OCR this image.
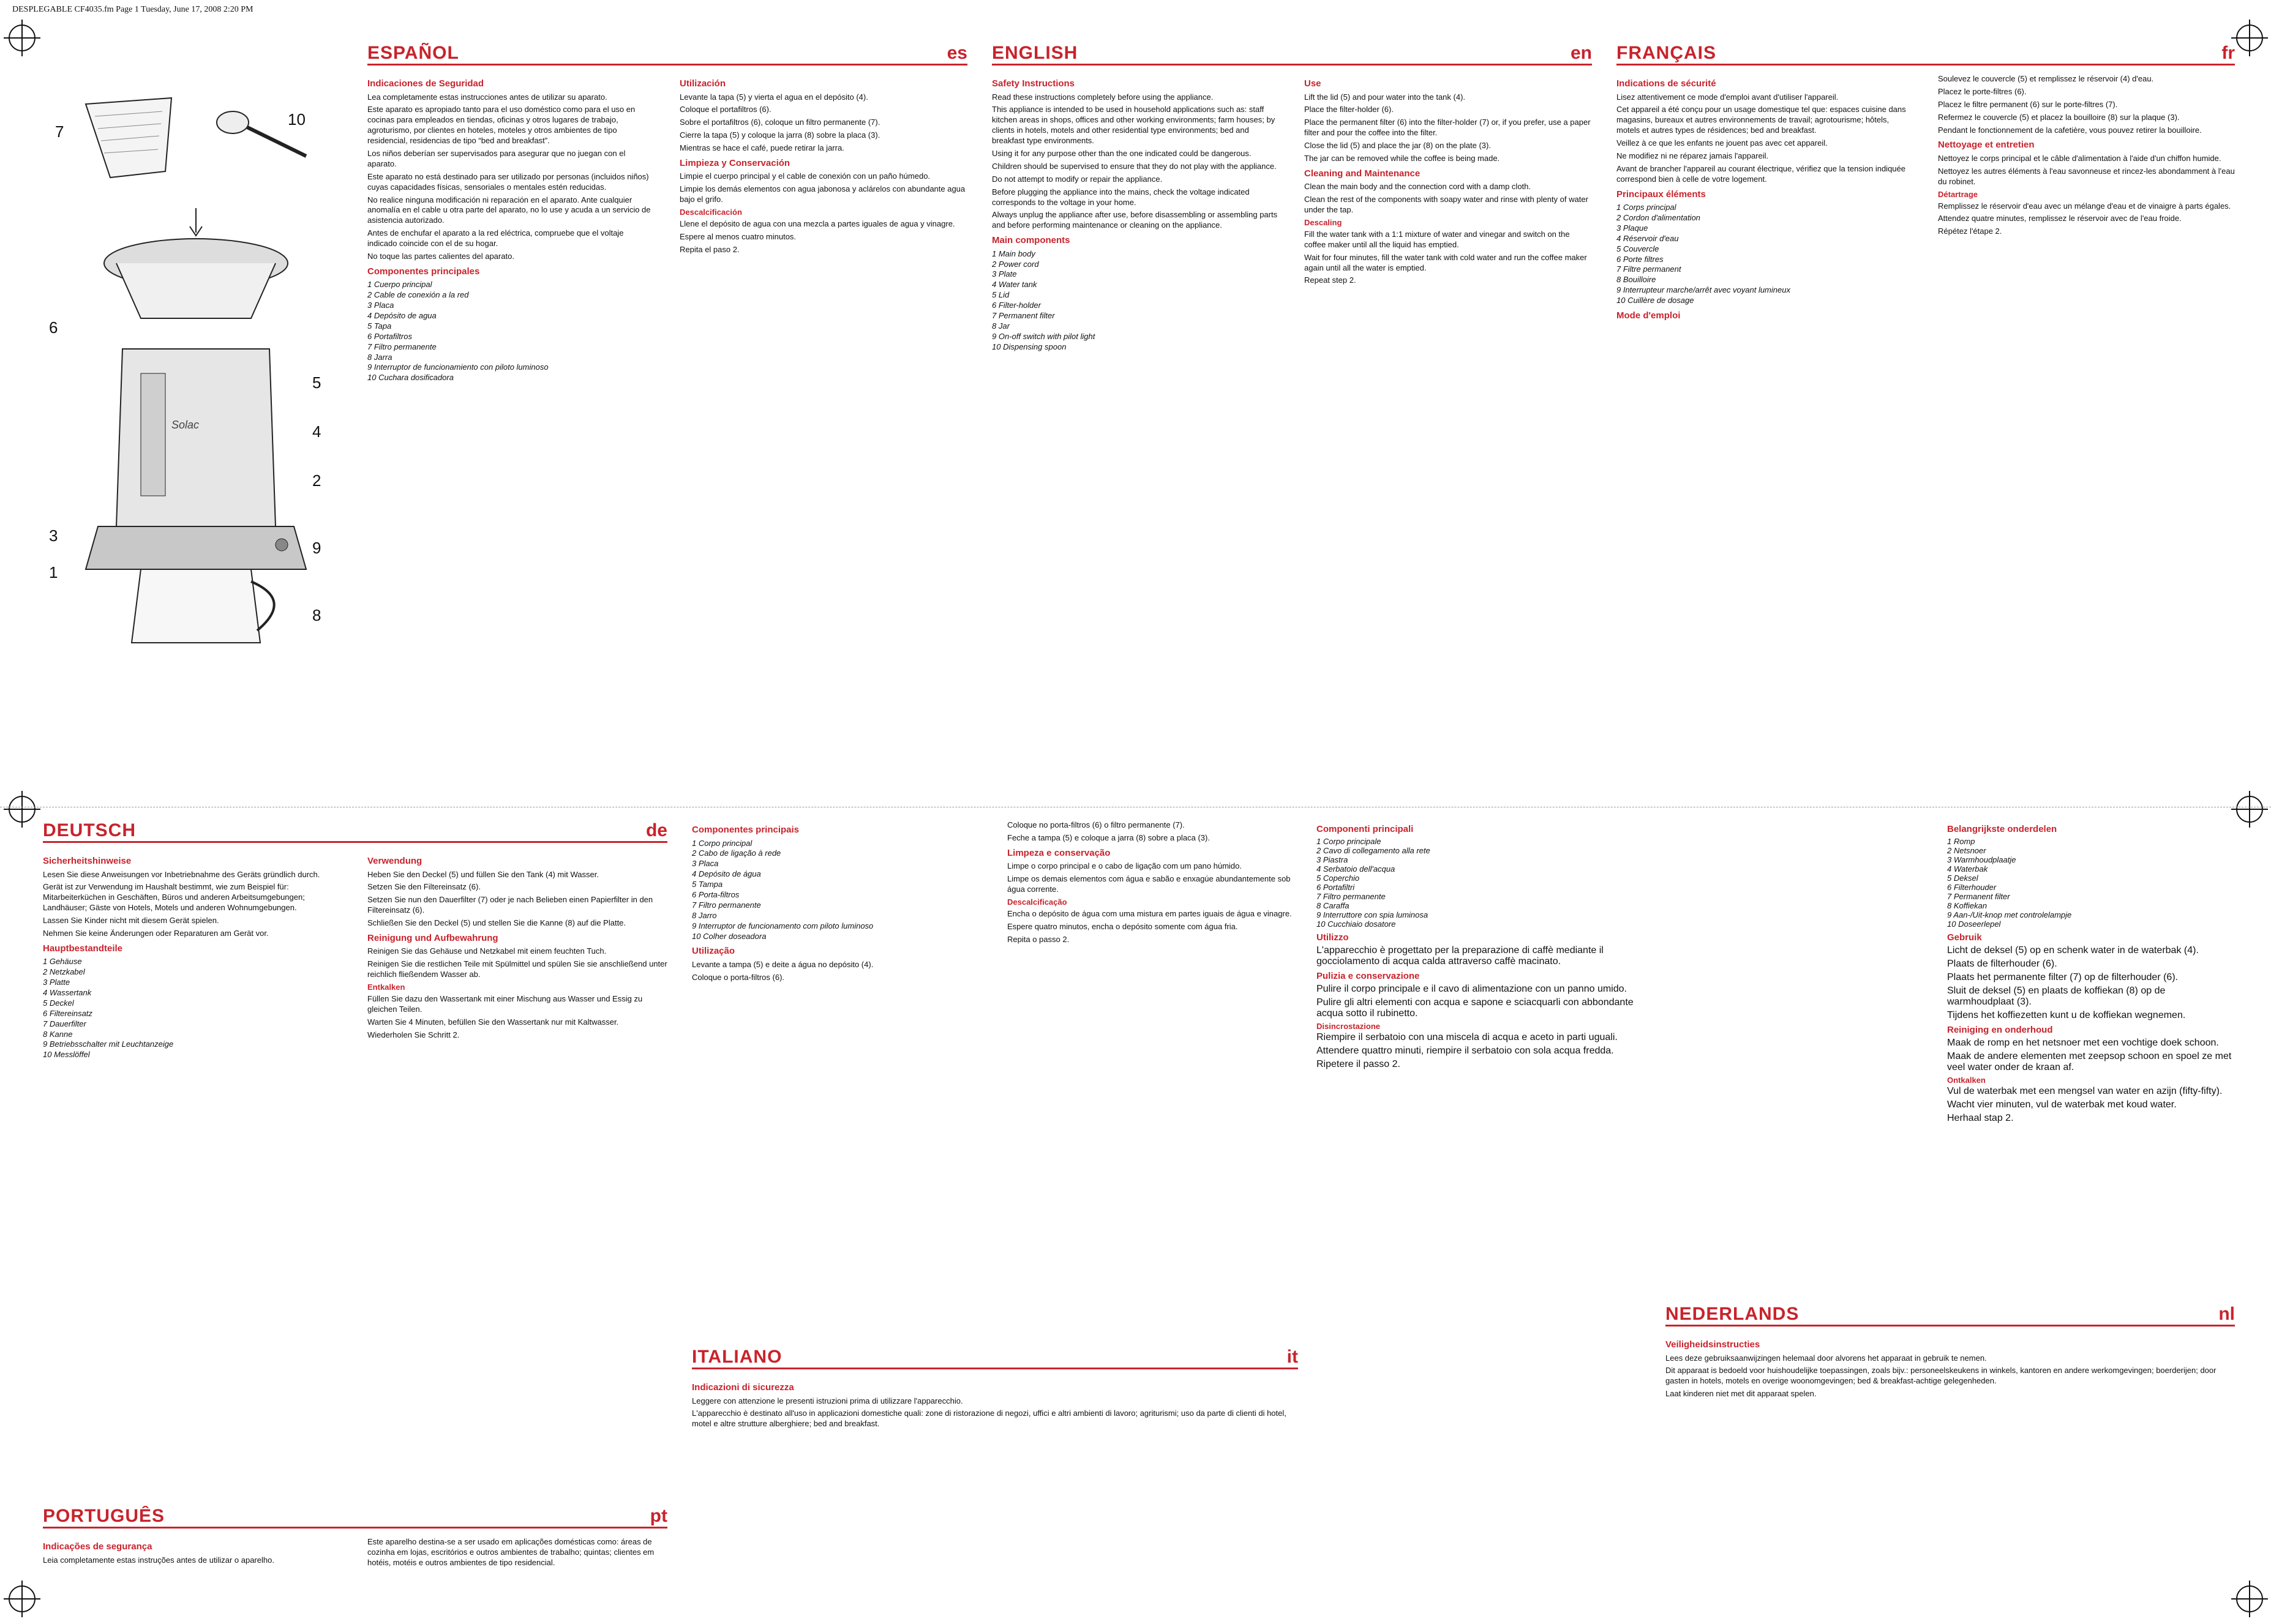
DESPLEGABLE CF4035.fm Page 1 Tuesday, June 17, 2008 2:20 PM
Solac
7
10
6
5
4
2
3
9
1
8
ESPAÑOL	es
Indicaciones de Seguridad
Lea completamente estas instrucciones antes de utilizar su aparato.
Este aparato es apropiado tanto para el uso doméstico como para el uso en cocinas para empleados en tiendas, oficinas y otros lugares de trabajo, agroturismo, por clientes en hoteles, moteles y otros ambientes de tipo residencial, residencias de tipo “bed and breakfast”.
Los niños deberían ser supervisados para asegurar que no juegan con el aparato.
Este aparato no está destinado para ser utilizado por personas (incluidos niños) cuyas capacidades físicas, sensoriales o mentales estén reducidas.
No realice ninguna modificación ni reparación en el aparato. Ante cualquier anomalía en el cable u otra parte del aparato, no lo use y acuda a un servicio de asistencia autorizado.
Antes de enchufar el aparato a la red eléctrica, compruebe que el voltaje indicado coincide con el de su hogar.
No toque las partes calientes del aparato.
Componentes principales
1 Cuerpo principal
2 Cable de conexión a la red
3 Placa
4 Depósito de agua
5 Tapa
6 Portafiltros
7 Filtro permanente
8 Jarra
9 Interruptor de funcionamiento con piloto luminoso
10 Cuchara dosificadora
Utilización
Levante la tapa (5) y vierta el agua en el depósito (4).
Coloque el portafiltros (6).
Sobre el portafiltros (6), coloque un filtro permanente (7).
Cierre la tapa (5) y coloque la jarra (8) sobre la placa (3).
Mientras se hace el café, puede retirar la jarra.
Limpieza y Conservación
Limpie el cuerpo principal y el cable de conexión con un paño húmedo.
Limpie los demás elementos con agua jabonosa y aclárelos con abundante agua bajo el grifo.
Descalcificación
Llene el depósito de agua con una mezcla a partes iguales de agua y vinagre.
Espere al menos cuatro minutos.
Repita el paso 2.
ENGLISH	en
Safety Instructions
Read these instructions completely before using the appliance.
This appliance is intended to be used in household applications such as: staff kitchen areas in shops, offices and other working environments; farm houses; by clients in hotels, motels and other residential type environments; bed and breakfast type environments.
Using it for any purpose other than the one indicated could be dangerous.
Children should be supervised to ensure that they do not play with the appliance.
Do not attempt to modify or repair the appliance.
Before plugging the appliance into the mains, check the voltage indicated corresponds to the voltage in your home.
Always unplug the appliance after use, before disassembling or assembling parts and before performing maintenance or cleaning on the appliance.
Main components
1 Main body
2 Power cord
3 Plate
4 Water tank
5 Lid
6 Filter-holder
7 Permanent filter
8 Jar
9 On-off switch with pilot light
10 Dispensing spoon
Use
Lift the lid (5) and pour water into the tank (4).
Place the filter-holder (6).
Place the permanent filter (6) into the filter-holder (7) or, if you prefer, use a paper filter and pour the coffee into the filter.
Close the lid (5) and place the jar (8) on the plate (3).
The jar can be removed while the coffee is being made.
Cleaning and Maintenance
Clean the main body and the connection cord with a damp cloth.
Clean the rest of the components with soapy water and rinse with plenty of water under the tap.
Descaling
Fill the water tank with a 1:1 mixture of water and vinegar and switch on the coffee maker until all the liquid has emptied.
Wait for four minutes, fill the water tank with cold water and run the coffee maker again until all the water is emptied.
Repeat step 2.
FRANÇAIS	fr
Indications de sécurité
Lisez attentivement ce mode d'emploi avant d'utiliser l'appareil.
Cet appareil a été conçu pour un usage domestique tel que: espaces cuisine dans magasins, bureaux et autres environnements de travail; agrotourisme; hôtels, motels et autres types de résidences; bed and breakfast.
Veillez à ce que les enfants ne jouent pas avec cet appareil.
Ne modifiez ni ne réparez jamais l'appareil.
Avant de brancher l'appareil au courant électrique, vérifiez que la tension indiquée correspond bien à celle de votre logement.
Principaux éléments
1 Corps principal
2 Cordon d'alimentation
3 Plaque
4 Réservoir d'eau
5 Couvercle
6 Porte filtres
7 Filtre permanent
8 Bouilloire
9 Interrupteur marche/arrêt avec voyant lumineux
10 Cuillère de dosage
Mode d'emploi
Soulevez le couvercle (5) et remplissez le réservoir (4) d'eau.
Placez le porte-filtres (6).
Placez le filtre permanent (6) sur le porte-filtres (7).
Refermez le couvercle (5) et placez la bouilloire (8) sur la plaque (3).
Pendant le fonctionnement de la cafetière, vous pouvez retirer la bouilloire.
Nettoyage et entretien
Nettoyez le corps principal et le câble d'alimentation à l'aide d'un chiffon humide.
Nettoyez les autres éléments à l'eau savonneuse et rincez-les abondamment à l'eau du robinet.
Détartrage
Remplissez le réservoir d'eau avec un mélange d'eau et de vinaigre à parts égales.
Attendez quatre minutes, remplissez le réservoir avec de l'eau froide.
Répétez l'étape 2.
DEUTSCH	de
Sicherheitshinweise
Lesen Sie diese Anweisungen vor Inbetriebnahme des Geräts gründlich durch.
Gerät ist zur Verwendung im Haushalt bestimmt, wie zum Beispiel für: Mitarbeiterküchen in Geschäften, Büros und anderen Arbeitsumgebungen; Landhäuser; Gäste von Hotels, Motels und anderen Wohnumgebungen.
Lassen Sie Kinder nicht mit diesem Gerät spielen.
Nehmen Sie keine Änderungen oder Reparaturen am Gerät vor.
Hauptbestandteile
1 Gehäuse
2 Netzkabel
3 Platte
4 Wassertank
5 Deckel
6 Filtereinsatz
7 Dauerfilter
8 Kanne
9 Betriebsschalter mit Leuchtanzeige
10 Messlöffel
Verwendung
Heben Sie den Deckel (5) und füllen Sie den Tank (4) mit Wasser.
Setzen Sie den Filtereinsatz (6).
Setzen Sie nun den Dauerfilter (7) oder je nach Belieben einen Papierfilter in den Filtereinsatz (6).
Schließen Sie den Deckel (5) und stellen Sie die Kanne (8) auf die Platte.
Reinigung und Aufbewahrung
Reinigen Sie das Gehäuse und Netzkabel mit einem feuchten Tuch.
Reinigen Sie die restlichen Teile mit Spülmittel und spülen Sie sie anschließend unter reichlich fließendem Wasser ab.
Entkalken
Füllen Sie dazu den Wassertank mit einer Mischung aus Wasser und Essig zu gleichen Teilen.
Warten Sie 4 Minuten, befüllen Sie den Wassertank nur mit Kaltwasser.
Wiederholen Sie Schritt 2.
PORTUGUÊS	pt
Indicações de segurança
Leia completamente estas instruções antes de utilizar o aparelho.
Este aparelho destina-se a ser usado em aplicações domésticas como: áreas de cozinha em lojas, escritórios e outros ambientes de trabalho; quintas; clientes em hotéis, motéis e outros ambientes de tipo residencial.
Componentes principais
1 Corpo principal
2 Cabo de ligação à rede
3 Placa
4 Depósito de água
5 Tampa
6 Porta-filtros
7 Filtro permanente
8 Jarro
9 Interruptor de funcionamento com piloto luminoso
10 Colher doseadora
Utilização
Levante a tampa (5) e deite a água no depósito (4).
Coloque o porta-filtros (6).
Coloque no porta-filtros (6) o filtro permanente (7).
Feche a tampa (5) e coloque a jarra (8) sobre a placa (3).
Limpeza e conservação
Limpe o corpo principal e o cabo de ligação com um pano húmido.
Limpe os demais elementos com água e sabão e enxagúe abundantemente sob água corrente.
Descalcificação
Encha o depósito de água com uma mistura em partes iguais de água e vinagre.
Espere quatro minutos, encha o depósito somente com água fria.
Repita o passo 2.
ITALIANO	it
Indicazioni di sicurezza
Leggere con attenzione le presenti istruzioni prima di utilizzare l'apparecchio.
L'apparecchio è destinato all'uso in applicazioni domestiche quali: zone di ristorazione di negozi, uffici e altri ambienti di lavoro; agriturismi; uso da parte di clienti di hotel, motel e altre strutture alberghiere; bed and breakfast.
Componenti principali
1 Corpo principale
2 Cavo di collegamento alla rete
3 Piastra
4 Serbatoio dell'acqua
5 Coperchio
6 Portafiltri
7 Filtro permanente
8 Caraffa
9 Interruttore con spia luminosa
10 Cucchiaio dosatore
Utilizzo
L'apparecchio è progettato per la preparazione di caffè mediante il gocciolamento di acqua calda attraverso caffè macinato.
Pulizia e conservazione
Pulire il corpo principale e il cavo di alimentazione con un panno umido.
Pulire gli altri elementi con acqua e sapone e sciacquarli con abbondante acqua sotto il rubinetto.
Disincrostazione
Riempire il serbatoio con una miscela di acqua e aceto in parti uguali.
Attendere quattro minuti, riempire il serbatoio con sola acqua fredda.
Ripetere il passo 2.
NEDERLANDS	nl
Veiligheidsinstructies
Lees deze gebruiksaanwijzingen helemaal door alvorens het apparaat in gebruik te nemen.
Dit apparaat is bedoeld voor huishoudelijke toepassingen, zoals bijv.: personeelskeukens in winkels, kantoren en andere werkomgevingen; boerderijen; door gasten in hotels, motels en overige woonomgevingen; bed & breakfast-achtige gelegenheden.
Laat kinderen niet met dit apparaat spelen.
Belangrijkste onderdelen
1 Romp
2 Netsnoer
3 Warmhoudplaatje
4 Waterbak
5 Deksel
6 Filterhouder
7 Permanent filter
8 Koffiekan
9 Aan-/Uit-knop met controlelampje
10 Doseerlepel
Gebruik
Licht de deksel (5) op en schenk water in de waterbak (4).
Plaats de filterhouder (6).
Plaats het permanente filter (7) op de filterhouder (6).
Sluit de deksel (5) en plaats de koffiekan (8) op de warmhoudplaat (3).
Tijdens het koffiezetten kunt u de koffiekan wegnemen.
Reiniging en onderhoud
Maak de romp en het netsnoer met een vochtige doek schoon.
Maak de andere elementen met zeepsop schoon en spoel ze met veel water onder de kraan af.
Ontkalken
Vul de waterbak met een mengsel van water en azijn (fifty-fifty).
Wacht vier minuten, vul de waterbak met koud water.
Herhaal stap 2.
